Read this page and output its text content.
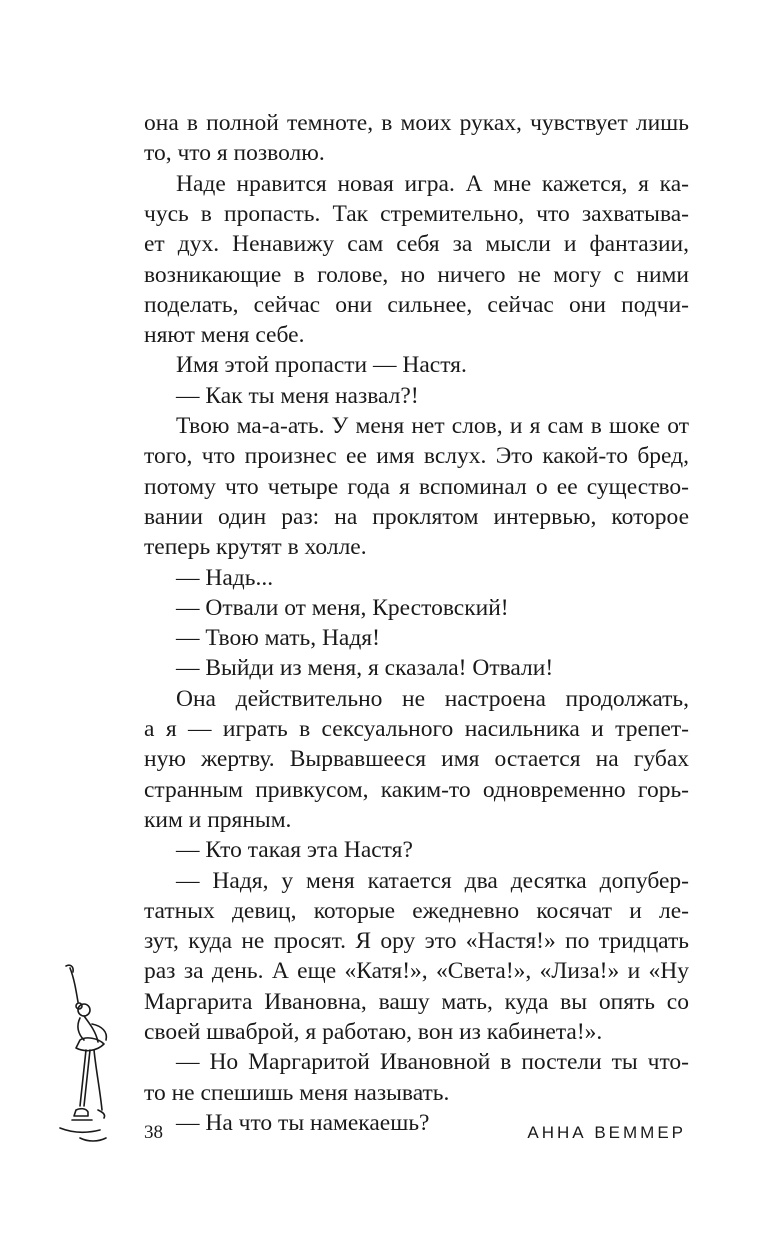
она в полной темноте, в моих руках, чувствует лишь
то, что я позволю.
Наде нравится новая игра. А мне кажется, я ка-
чусь в пропасть. Так стремительно, что захватыва-
ет дух. Ненавижу сам себя за мысли и фантазии,
возникающие в голове, но ничего не могу с ними
поделать, сейчас они сильнее, сейчас они подчи-
няют меня себе.
Имя этой пропасти — Настя.
— Как ты меня назвал?!
Твою ма-а-ать. У меня нет слов, и я сам в шоке от
того, что произнес ее имя вслух. Это какой-то бред,
потому что четыре года я вспоминал о ее существо-
вании один раз: на проклятом интервью, которое
теперь крутят в холле.
— Надь...
— Отвали от меня, Крестовский!
— Твою мать, Надя!
— Выйди из меня, я сказала! Отвали!
Она действительно не настроена продолжать,
а я — играть в сексуального насильника и трепет-
ную жертву. Вырвавшееся имя остается на губах
странным привкусом, каким-то одновременно горь-
ким и пряным.
— Кто такая эта Настя?
— Надя, у меня катается два десятка допубер-
татных девиц, которые ежедневно косячат и ле-
зут, куда не просят. Я ору это «Настя!» по тридцать
раз за день. А еще «Катя!», «Света!», «Лиза!» и «Ну
Маргарита Ивановна, вашу мать, куда вы опять со
своей шваброй, я работаю, вон из кабинета!».
— Но Маргаритой Ивановной в постели ты что-
то не спешишь меня называть.
— На что ты намекаешь?
38	АННА ВЕММЕР
